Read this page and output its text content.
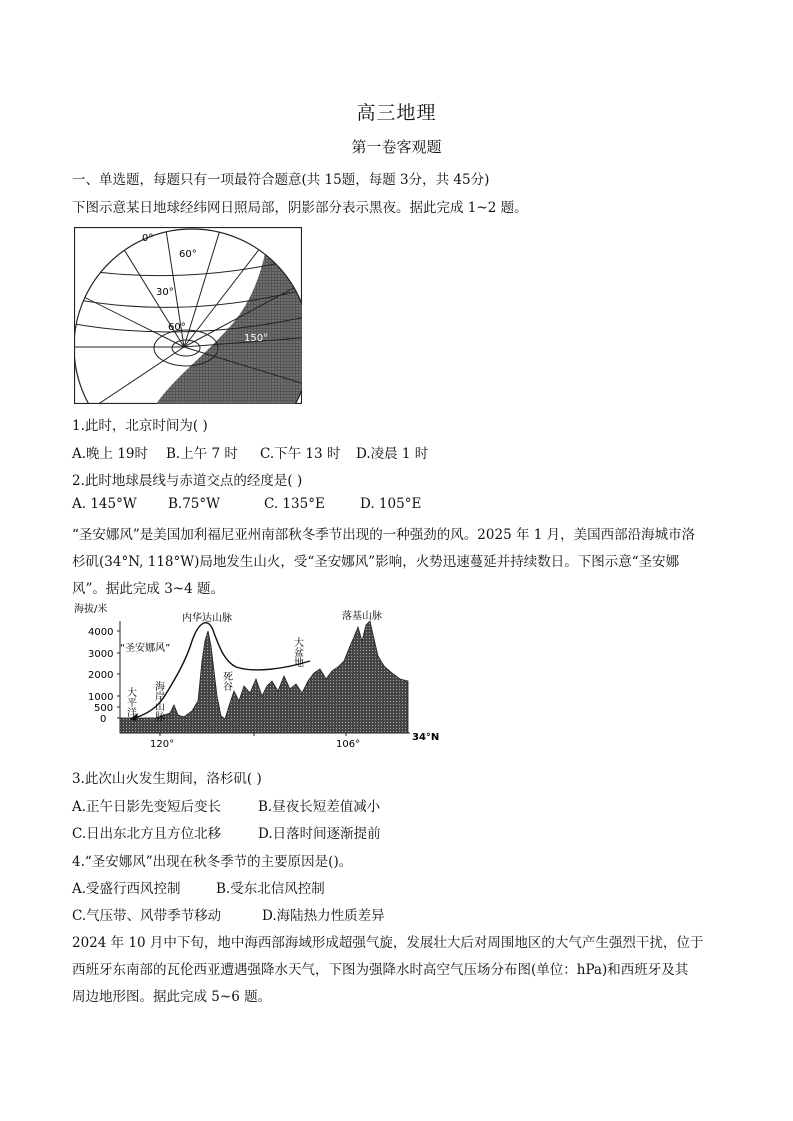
高三地理
第一卷客观题
一、单选题，每题只有一项最符合题意(共 15题，每题 3分，共 45分)
下图示意某日地球经纬网日照局部，阴影部分表示黑夜。据此完成 1~2 题。
0°
60°
30°
60°
150°
1.此时，北京时间为( )
A.晚上 19时 B.上午 7 时 C.下午 13 时 D.凌晨 1 时
2.此时地球晨线与赤道交点的经度是( )
A. 145°W B.75°W	C. 135°E	D. 105°E
“圣安娜风”是美国加利福尼亚州南部秋冬季节出现的一种强劲的风。2025 年 1 月，美国西部沿海城市洛
杉矶(34°N, 118°W)局地发生山火，受“圣安娜风”影响，火势迅速蔓延并持续数日。下图示意“圣安娜
风”。据此完成 3~4 题。
海拔/米
4000
3000
2000
1000
500
0
120°	106°
34°N
内华达山脉	落基山脉
“圣安娜风”
海岸山脉
大平洋
死谷
大盆地
3.此次山火发生期间，洛杉矶( )
A.正午日影先变短后变长	B.昼夜长短差值减小
C.日出东北方且方位北移	D.日落时间逐渐提前
4.“圣安娜风”出现在秋冬季节的主要原因是()。
A.受盛行西风控制	B.受东北信风控制
C.气压带、风带季节移动	D.海陆热力性质差异
2024 年 10 月中下旬，地中海西部海域形成超强气旋，发展壮大后对周围地区的大气产生强烈干扰，位于
西班牙东南部的瓦伦西亚遭遇强降水天气，下图为强降水时高空气压场分布图(单位：hPa)和西班牙及其
周边地形图。据此完成 5~6 题。
